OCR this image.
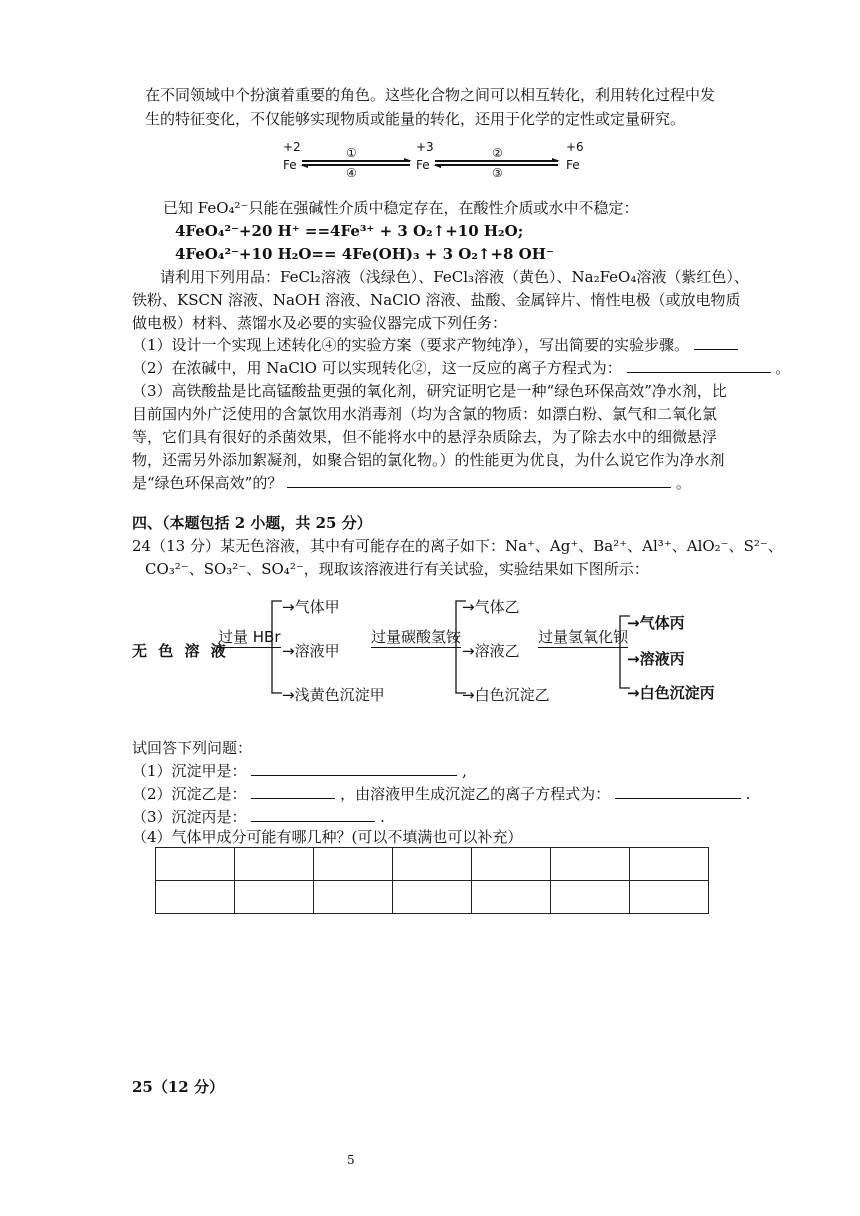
在不同领域中个扮演着重要的角色。这些化合物之间可以相互转化，利用转化过程中发
生的特征变化，不仅能够实现物质或能量的转化，还用于化学的定性或定量研究。
+2
Fe
+3
Fe
+6
Fe
①
④
②
③
已知 FeO₄²⁻只能在强碱性介质中稳定存在，在酸性介质或水中不稳定：
4FeO₄²⁻+20 H⁺ ==4Fe³⁺ + 3 O₂↑+10 H₂O;
4FeO₄²⁻+10 H₂O== 4Fe(OH)₃ + 3 O₂↑+8 OH⁻
请利用下列用品：FeCl₂溶液（浅绿色）、FeCl₃溶液（黄色）、Na₂FeO₄溶液（紫红色）、
铁粉、KSCN 溶液、NaOH 溶液、NaClO 溶液、盐酸、金属锌片、惰性电极（或放电物质
做电极）材料、蒸馏水及必要的实验仪器完成下列任务：
（1）设计一个实现上述转化④的实验方案（要求产物纯净），写出简要的实验步骤。
（2）在浓碱中，用 NaClO 可以实现转化②，这一反应的离子方程式为：	。
（3）高铁酸盐是比高锰酸盐更强的氧化剂，研究证明它是一种“绿色环保高效”净水剂，比
目前国内外广泛使用的含氯饮用水消毒剂（均为含氯的物质：如漂白粉、氯气和二氧化氯
等，它们具有很好的杀菌效果，但不能将水中的悬浮杂质除去，为了除去水中的细微悬浮
物，还需另外添加絮凝剂，如聚合铝的氯化物。）的性能更为优良，为什么说它作为净水剂
是“绿色环保高效”的？	。
四、（本题包括 2 小题，共 25 分）
24（13 分）某无色溶液，其中有可能存在的离子如下：Na⁺、Ag⁺、Ba²⁺、Al³⁺、AlO₂⁻、S²⁻、
CO₃²⁻、SO₃²⁻、SO₄²⁻，现取该溶液进行有关试验，实验结果如下图所示：
无 色 溶 液
过量 HBr
→气体甲
→溶液甲
→浅黄色沉淀甲
过量碳酸氢铵
→气体乙
→溶液乙
→白色沉淀乙
过量氢氧化钡
→气体丙
→溶液丙
→白色沉淀丙
试回答下列问题：
（1）沉淀甲是：	,
（2）沉淀乙是：	，由溶液甲生成沉淀乙的离子方程式为：	.
（3）沉淀丙是：	.
（4）气体甲成分可能有哪几种？(可以不填满也可以补充）

25（12 分）
5
